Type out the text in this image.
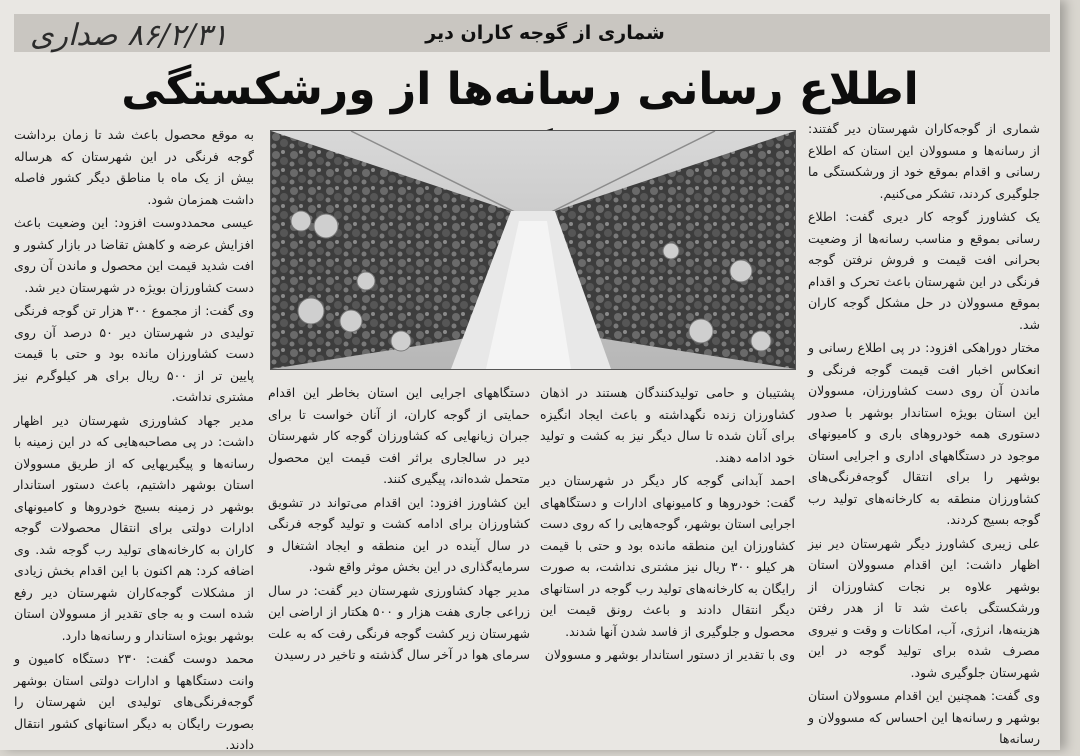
۸۶/۲/۳۱ صداری	شماری از گوجه کاران دیر
اطلاع رسانی رسانه‌ها از ورشکستگی

شماری از گوجه‌کاران شهرستان دیر گفتند: از رسانه‌ها و مسوولان این استان که اطلاع رسانی و اقدام بموقع خود از ورشکستگی ما جلوگیری کردند، تشکر می‌کنیم.

یک کشاورز گوجه کار دیری گفت: اطلاع رسانی بموقع و مناسب رسانه‌ها از وضعیت بحرانی افت قیمت و فروش نرفتن گوجه فرنگی در این شهرستان باعث تحرک و اقدام بموقع مسوولان در حل مشکل گوجه کاران شد.

مختار دوراهکی افزود: در پی اطلاع رسانی و انعکاس اخبار افت قیمت گوجه فرنگی و ماندن آن روی دست کشاورزان، مسوولان این استان بویژه استاندار بوشهر با صدور دستوری همه خودروهای باری و کامیونهای موجود در دستگاههای اداری و اجرایی استان بوشهر را برای انتقال گوجه‌فرنگی‌های کشاورزان منطقه به کارخانه‌های تولید رب گوجه بسیج کردند.

علی زیبری کشاورز دیگر شهرستان دیر نیز اظهار داشت: این اقدام مسوولان استان بوشهر علاوه بر نجات کشاورزان از ورشکستگی باعث شد تا از هدر رفتن هزینه‌ها، انرژی، آب، امکانات و وقت و نیروی مصرف شده برای تولید گوجه در این شهرستان جلوگیری شود.

وی گفت: همچنین این اقدام مسوولان استان بوشهر و رسانه‌ها این احساس که مسوولان و رسانه‌ها

پشتیبان و حامی تولیدکنندگان هستند در اذهان کشاورزان زنده نگهداشته و باعث ایجاد انگیزه برای آنان شده تا سال دیگر نیز به کشت و تولید خود ادامه دهند.

احمد آبدانی گوجه کار دیگر در شهرستان دیر گفت: خودروها و کامیونهای ادارات و دستگاههای اجرایی استان بوشهر، گوجه‌هایی را که روی دست کشاورزان این منطقه مانده بود و حتی با قیمت هر کیلو ۳۰۰ ریال نیز مشتری نداشت، به صورت رایگان به کارخانه‌های تولید رب گوجه در استانهای دیگر انتقال دادند و باعث رونق قیمت این محصول و جلوگیری از فاسد شدن آنها شدند.

وی با تقدیر از دستور استاندار بوشهر و مسوولان

دستگاههای اجرایی این استان بخاطر این اقدام حمایتی از گوجه کاران، از آنان خواست تا برای جبران زیانهایی که کشاورزان گوجه کار شهرستان دیر در سالجاری براثر افت قیمت این محصول متحمل شده‌اند، پیگیری کنند.

این کشاورز افزود: این اقدام می‌تواند در تشویق کشاورزان برای ادامه کشت و تولید گوجه فرنگی در سال آینده در این منطقه و ایجاد اشتغال و سرمایه‌گذاری در این بخش موثر واقع شود.

مدیر جهاد کشاورزی شهرستان دیر گفت: در سال زراعی جاری هفت هزار و ۵۰۰ هکتار از اراضی این شهرستان زیر کشت گوجه فرنگی رفت که به علت سرمای هوا در آخر سال گذشته و تاخیر در رسیدن

به موقع محصول باعث شد تا زمان برداشت گوجه فرنگی در این شهرستان که هرساله بیش از یک ماه با مناطق دیگر کشور فاصله داشت همزمان شود.

عیسی محمددوست افزود: این وضعیت باعث افزایش عرضه و کاهش تقاضا در بازار کشور و افت شدید قیمت این محصول و ماندن آن روی دست کشاورزان بویژه در شهرستان دیر شد.

وی گفت: از مجموع ۳۰۰ هزار تن گوجه فرنگی تولیدی در شهرستان دیر ۵۰ درصد آن روی دست کشاورزان مانده بود و حتی با قیمت پایین تر از ۵۰۰ ریال برای هر کیلوگرم نیز مشتری نداشت.

مدیر جهاد کشاورزی شهرستان دیر اظهار داشت: در پی مصاحبه‌هایی که در این زمینه با رسانه‌ها و پیگیریهایی که از طریق مسوولان استان بوشهر داشتیم، باعث دستور استاندار بوشهر در زمینه بسیج خودروها و کامیونهای ادارات دولتی برای انتقال محصولات گوجه کاران به کارخانه‌های تولید رب گوجه شد. وی اضافه کرد: هم اکنون با این اقدام بخش زیادی از مشکلات گوجه‌کاران شهرستان دیر رفع شده است و به جای تقدیر از مسوولان استان بوشهر بویژه استاندار و رسانه‌ها دارد.

محمد دوست گفت: ۲۳۰ دستگاه کامیون و وانت دستگاهها و ادارات دولتی استان بوشهر گوجه‌فرنگی‌های تولیدی این شهرستان را بصورت رایگان به دیگر استانهای کشور انتقال دادند.
